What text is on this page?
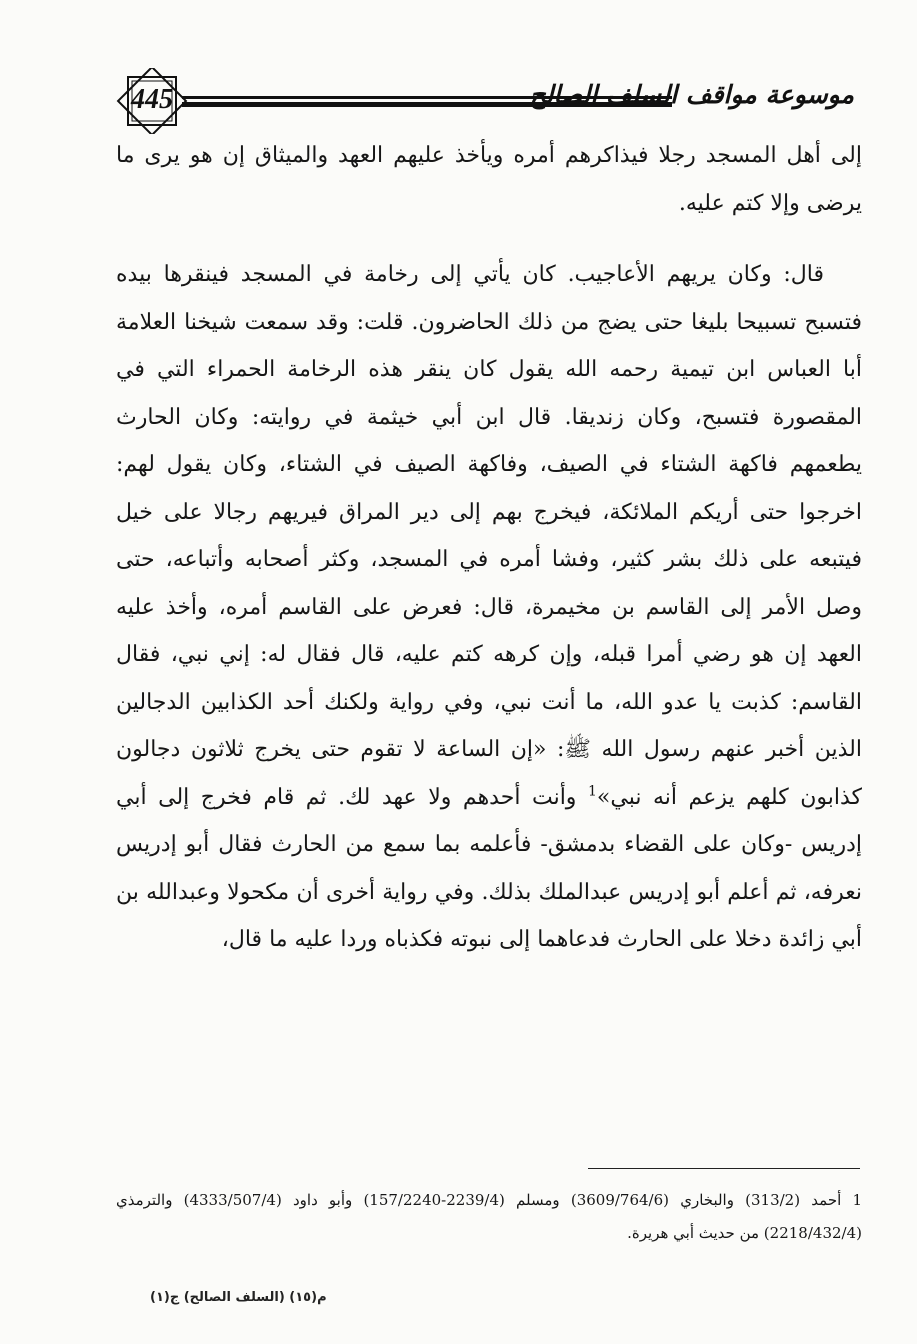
445	موسوعة مواقف السلف الصالح

إلى أهل المسجد رجلا فيذاكرهم أمره ويأخذ عليهم العهد والميثاق إن هو يرى ما يرضى وإلا كتم عليه.

قال: وكان يريهم الأعاجيب. كان يأتي إلى رخامة في المسجد فينقرها بيده فتسبح تسبيحا بليغا حتى يضج من ذلك الحاضرون. قلت: وقد سمعت شيخنا العلامة أبا العباس ابن تيمية رحمه الله يقول كان ينقر هذه الرخامة الحمراء التي في المقصورة فتسبح، وكان زنديقا. قال ابن أبي خيثمة في روايته: وكان الحارث يطعمهم فاكهة الشتاء في الصيف، وفاكهة الصيف في الشتاء، وكان يقول لهم: اخرجوا حتى أريكم الملائكة، فيخرج بهم إلى دير المراق فيريهم رجالا على خيل فيتبعه على ذلك بشر كثير، وفشا أمره في المسجد، وكثر أصحابه وأتباعه، حتى وصل الأمر إلى القاسم بن مخيمرة، قال: فعرض على القاسم أمره، وأخذ عليه العهد إن هو رضي أمرا قبله، وإن كرهه كتم عليه، قال فقال له: إني نبي، فقال القاسم: كذبت يا عدو الله، ما أنت نبي، وفي رواية ولكنك أحد الكذابين الدجالين الذين أخبر عنهم رسول الله ﷺ: «إن الساعة لا تقوم حتى يخرج ثلاثون دجالون كذابون كلهم يزعم أنه نبي»$^1$ وأنت أحدهم ولا عهد لك. ثم قام فخرج إلى أبي إدريس -وكان على القضاء بدمشق- فأعلمه بما سمع من الحارث فقال أبو إدريس نعرفه، ثم أعلم أبو إدريس عبدالملك بذلك. وفي رواية أخرى أن مكحولا وعبدالله بن أبي زائدة دخلا على الحارث فدعاهما إلى نبوته فكذباه وردا عليه ما قال،

1 أحمد (313/2) والبخاري (3609/764/6) ومسلم (2239/4-157/2240) وأبو داود (4333/507/4) والترمذي (2218/432/4) من حديث أبي هريرة.

م(١٥) (السلف الصالح) ج(١)
